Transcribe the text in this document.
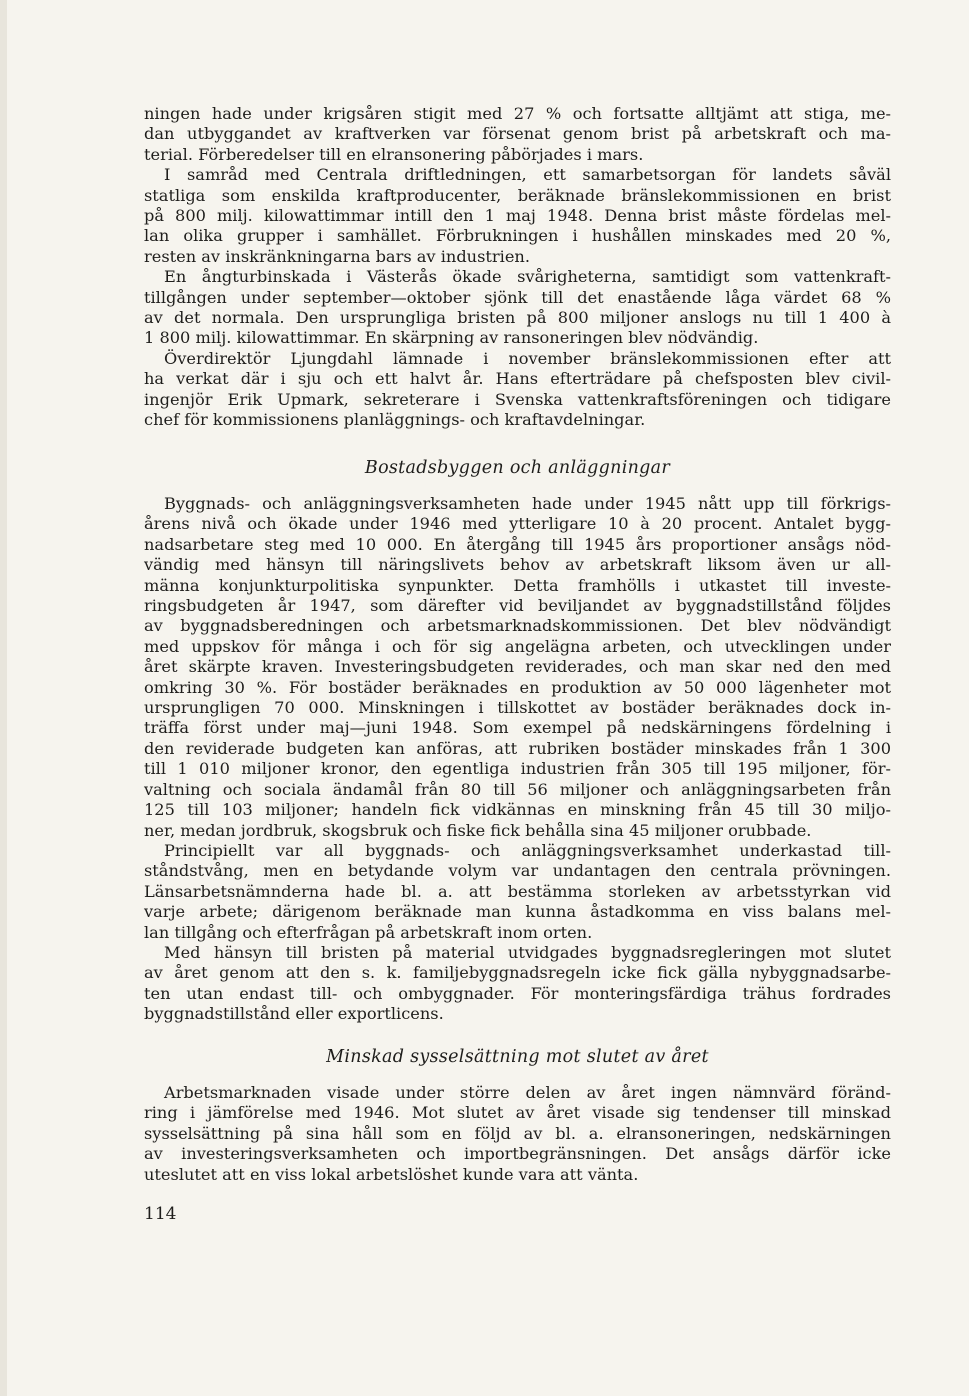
ningen hade under krigsåren stigit med 27 % och fortsatte alltjämt att stiga, me-

dan utbyggandet av kraftverken var försenat genom brist på arbetskraft och ma-

terial. Förberedelser till en elransonering påbörjades i mars.

I samråd med Centrala driftledningen, ett samarbetsorgan för landets såväl

statliga som enskilda kraftproducenter, beräknade bränslekommissionen en brist

på 800 milj. kilowattimmar intill den 1 maj 1948. Denna brist måste fördelas mel-

lan olika grupper i samhället. Förbrukningen i hushållen minskades med 20 %,

resten av inskränkningarna bars av industrien.

En ångturbinskada i Västerås ökade svårigheterna, samtidigt som vattenkraft-

tillgången under september—oktober sjönk till det enastående låga värdet 68 %

av det normala. Den ursprungliga bristen på 800 miljoner anslogs nu till 1 400 à

1 800 milj. kilowattimmar. En skärpning av ransoneringen blev nödvändig.

Överdirektör Ljungdahl lämnade i november bränslekommissionen efter att

ha verkat där i sju och ett halvt år. Hans efterträdare på chefsposten blev civil-

ingenjör Erik Upmark, sekreterare i Svenska vattenkraftsföreningen och tidigare

chef för kommissionens planläggnings- och kraftavdelningar.

Bostadsbyggen och anläggningar

Byggnads- och anläggningsverksamheten hade under 1945 nått upp till förkrigs-

årens nivå och ökade under 1946 med ytterligare 10 à 20 procent. Antalet bygg-

nadsarbetare steg med 10 000. En återgång till 1945 års proportioner ansågs nöd-

vändig med hänsyn till näringslivets behov av arbetskraft liksom även ur all-

männa konjunkturpolitiska synpunkter. Detta framhölls i utkastet till investe-

ringsbudgeten år 1947, som därefter vid beviljandet av byggnadstillstånd följdes

av byggnadsberedningen och arbetsmarknadskommissionen. Det blev nödvändigt

med uppskov för många i och för sig angelägna arbeten, och utvecklingen under

året skärpte kraven. Investeringsbudgeten reviderades, och man skar ned den med

omkring 30 %. För bostäder beräknades en produktion av 50 000 lägenheter mot

ursprungligen 70 000. Minskningen i tillskottet av bostäder beräknades dock in-

träffa först under maj—juni 1948. Som exempel på nedskärningens fördelning i

den reviderade budgeten kan anföras, att rubriken bostäder minskades från 1 300

till 1 010 miljoner kronor, den egentliga industrien från 305 till 195 miljoner, för-

valtning och sociala ändamål från 80 till 56 miljoner och anläggningsarbeten från

125 till 103 miljoner; handeln fick vidkännas en minskning från 45 till 30 miljo-

ner, medan jordbruk, skogsbruk och fiske fick behålla sina 45 miljoner orubbade.

Principiellt var all byggnads- och anläggningsverksamhet underkastad till-

ståndstvång, men en betydande volym var undantagen den centrala prövningen.

Länsarbetsnämnderna hade bl. a. att bestämma storleken av arbetsstyrkan vid

varje arbete; därigenom beräknade man kunna åstadkomma en viss balans mel-

lan tillgång och efterfrågan på arbetskraft inom orten.

Med hänsyn till bristen på material utvidgades byggnadsregleringen mot slutet

av året genom att den s. k. familjebyggnadsregeln icke fick gälla nybyggnadsarbe-

ten utan endast till- och ombyggnader. För monteringsfärdiga trähus fordrades

byggnadstillstånd eller exportlicens.

Minskad sysselsättning mot slutet av året

Arbetsmarknaden visade under större delen av året ingen nämnvärd föränd-

ring i jämförelse med 1946. Mot slutet av året visade sig tendenser till minskad

sysselsättning på sina håll som en följd av bl. a. elransoneringen, nedskärningen

av investeringsverksamheten och importbegränsningen. Det ansågs därför icke

uteslutet att en viss lokal arbetslöshet kunde vara att vänta.

114
